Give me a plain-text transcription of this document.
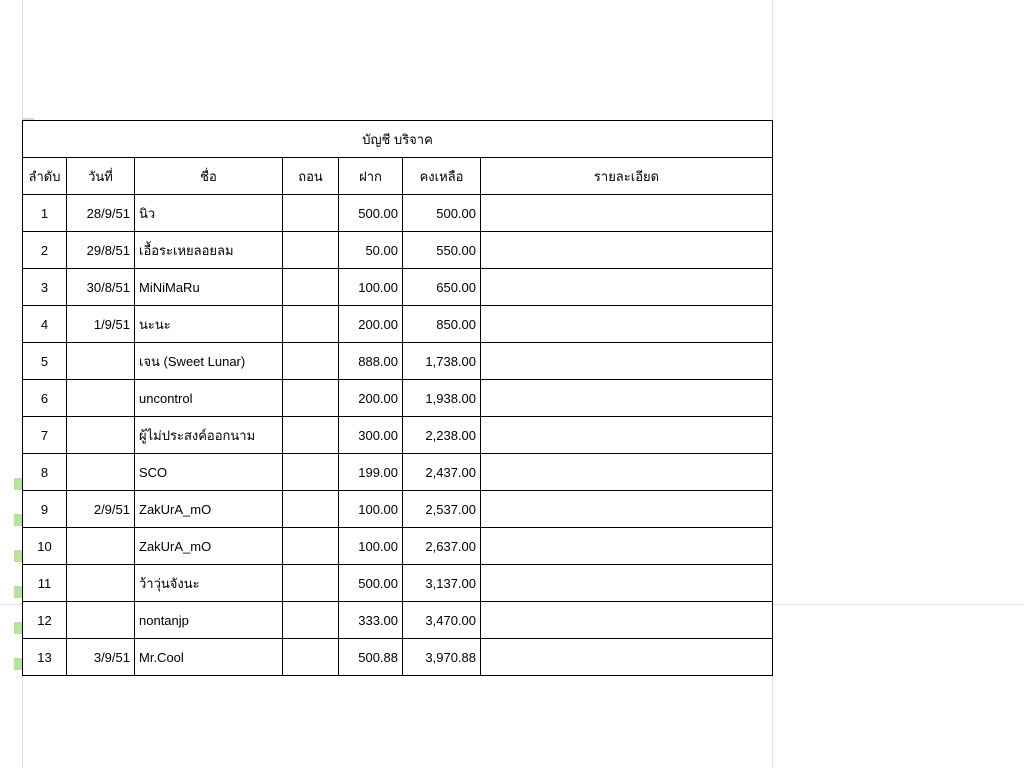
บัญชี บริจาค						
ลำดับ	วันที่	ชื่อ	ถอน	ฝาก	คงเหลือ	รายละเอียด
1	28/9/51	นิว		500.00	500.00	
2	29/8/51	เอื้อระเหยลอยลม		50.00	550.00	
3	30/8/51	MiNiMaRu		100.00	650.00	
4	1/9/51	นะนะ		200.00	850.00	
5		เจน (Sweet Lunar)		888.00	1,738.00	
6		uncontrol		200.00	1,938.00	
7		ผู้ไม่ประสงค์ออกนาม		300.00	2,238.00	
8		SCO		199.00	2,437.00	
9	2/9/51	ZakUrA_mO		100.00	2,537.00	
10		ZakUrA_mO		100.00	2,637.00	
11		ว้าวุ่นจังนะ		500.00	3,137.00	
12		nontanjp		333.00	3,470.00	
13	3/9/51	Mr.Cool		500.88	3,970.88	
